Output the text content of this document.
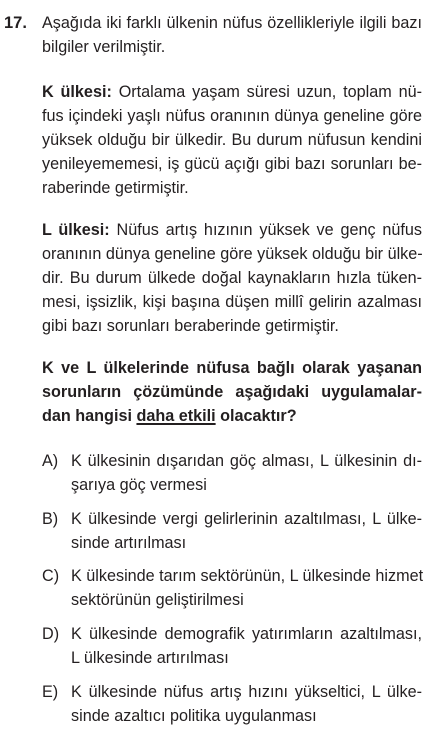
17. Aşağıda iki farklı ülkenin nüfus özellikleriyle ilgili bazı
bilgiler verilmiştir.
K ülkesi: Ortalama yaşam süresi uzun, toplam nü-
fus içindeki yaşlı nüfus oranının dünya geneline göre
yüksek olduğu bir ülkedir. Bu durum nüfusun kendini
yenileyememesi, iş gücü açığı gibi bazı sorunları be-
raberinde getirmiştir.
L ülkesi: Nüfus artış hızının yüksek ve genç nüfus
oranının dünya geneline göre yüksek olduğu bir ülke-
dir. Bu durum ülkede doğal kaynakların hızla tüken-
mesi, işsizlik, kişi başına düşen millî gelirin azalması
gibi bazı sorunları beraberinde getirmiştir.
K ve L ülkelerinde nüfusa bağlı olarak yaşanan
sorunların çözümünde aşağıdaki uygulamalar-
dan hangisi daha etkili olacaktır?
A) K ülkesinin dışarıdan göç alması, L ülkesinin dı-
şarıya göç vermesi
B) K ülkesinde vergi gelirlerinin azaltılması, L ülke-
sinde artırılması
C) K ülkesinde tarım sektörünün, L ülkesinde hizmet
sektörünün geliştirilmesi
D) K ülkesinde demografik yatırımların azaltılması,
L ülkesinde artırılması
E) K ülkesinde nüfus artış hızını yükseltici, L ülke-
sinde azaltıcı politika uygulanması
